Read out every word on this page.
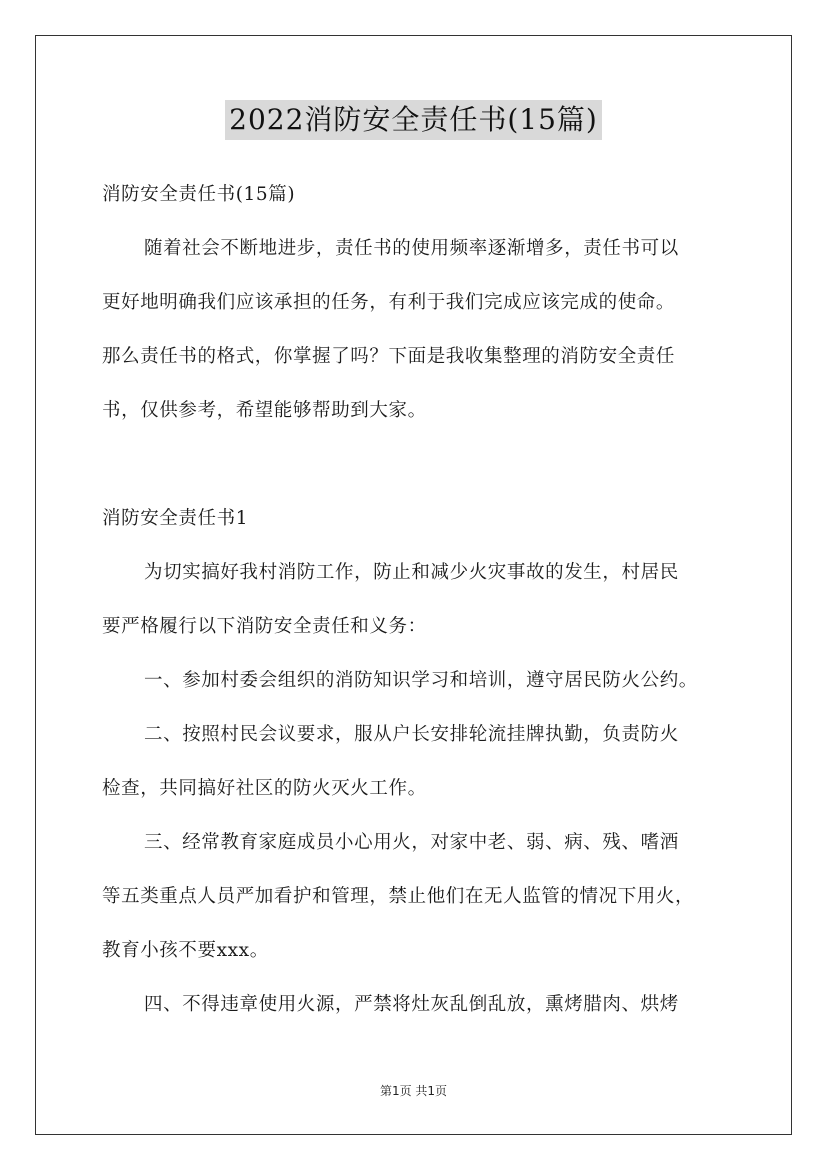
2022消防安全责任书(15篇)
消防安全责任书(15篇)
随着社会不断地进步，责任书的使用频率逐渐增多，责任书可以
更好地明确我们应该承担的任务，有利于我们完成应该完成的使命。
那么责任书的格式，你掌握了吗？下面是我收集整理的消防安全责任
书，仅供参考，希望能够帮助到大家。
消防安全责任书1
为切实搞好我村消防工作，防止和减少火灾事故的发生，村居民
要严格履行以下消防安全责任和义务：
一、参加村委会组织的消防知识学习和培训，遵守居民防火公约。
二、按照村民会议要求，服从户长安排轮流挂牌执勤，负责防火
检查，共同搞好社区的防火灭火工作。
三、经常教育家庭成员小心用火，对家中老、弱、病、残、嗜酒
等五类重点人员严加看护和管理，禁止他们在无人监管的情况下用火，
教育小孩不要xxx。
四、不得违章使用火源，严禁将灶灰乱倒乱放，熏烤腊肉、烘烤
第1页 共1页
